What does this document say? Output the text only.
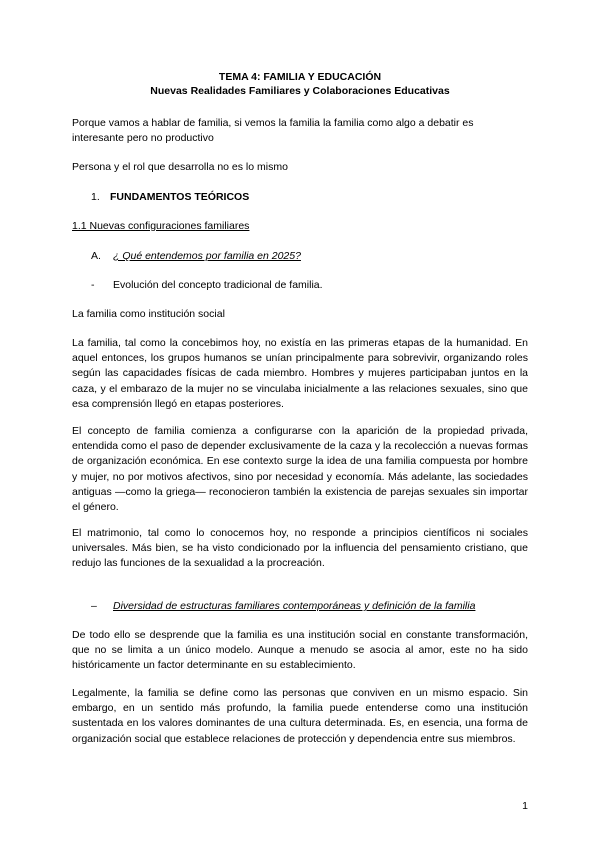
TEMA 4: FAMILIA Y EDUCACIÓN
Nuevas Realidades Familiares y Colaboraciones Educativas

Porque vamos a hablar de familia, si vemos la familia la familia como algo a debatir es interesante pero no productivo

Persona y el rol que desarrolla no es lo mismo

1. FUNDAMENTOS TEÓRICOS
1.1 Nuevas configuraciones familiares
A. ¿ Qué entendemos por familia en 2025?
- Evolución del concepto tradicional de familia.

La familia como institución social

La familia, tal como la concebimos hoy, no existía en las primeras etapas de la humanidad. En aquel entonces, los grupos humanos se unían principalmente para sobrevivir, organizando roles según las capacidades físicas de cada miembro. Hombres y mujeres participaban juntos en la caza, y el embarazo de la mujer no se vinculaba inicialmente a las relaciones sexuales, sino que esa comprensión llegó en etapas posteriores.

El concepto de familia comienza a configurarse con la aparición de la propiedad privada, entendida como el paso de depender exclusivamente de la caza y la recolección a nuevas formas de organización económica. En ese contexto surge la idea de una familia compuesta por hombre y mujer, no por motivos afectivos, sino por necesidad y economía. Más adelante, las sociedades antiguas —como la griega— reconocieron también la existencia de parejas sexuales sin importar el género.

El matrimonio, tal como lo conocemos hoy, no responde a principios científicos ni sociales universales. Más bien, se ha visto condicionado por la influencia del pensamiento cristiano, que redujo las funciones de la sexualidad a la procreación.

– Diversidad de estructuras familiares contemporáneas y definición de la familia

De todo ello se desprende que la familia es una institución social en constante transformación, que no se limita a un único modelo. Aunque a menudo se asocia al amor, este no ha sido históricamente un factor determinante en su establecimiento.

Legalmente, la familia se define como las personas que conviven en un mismo espacio. Sin embargo, en un sentido más profundo, la familia puede entenderse como una institución sustentada en los valores dominantes de una cultura determinada. Es, en esencia, una forma de organización social que establece relaciones de protección y dependencia entre sus miembros.

1
